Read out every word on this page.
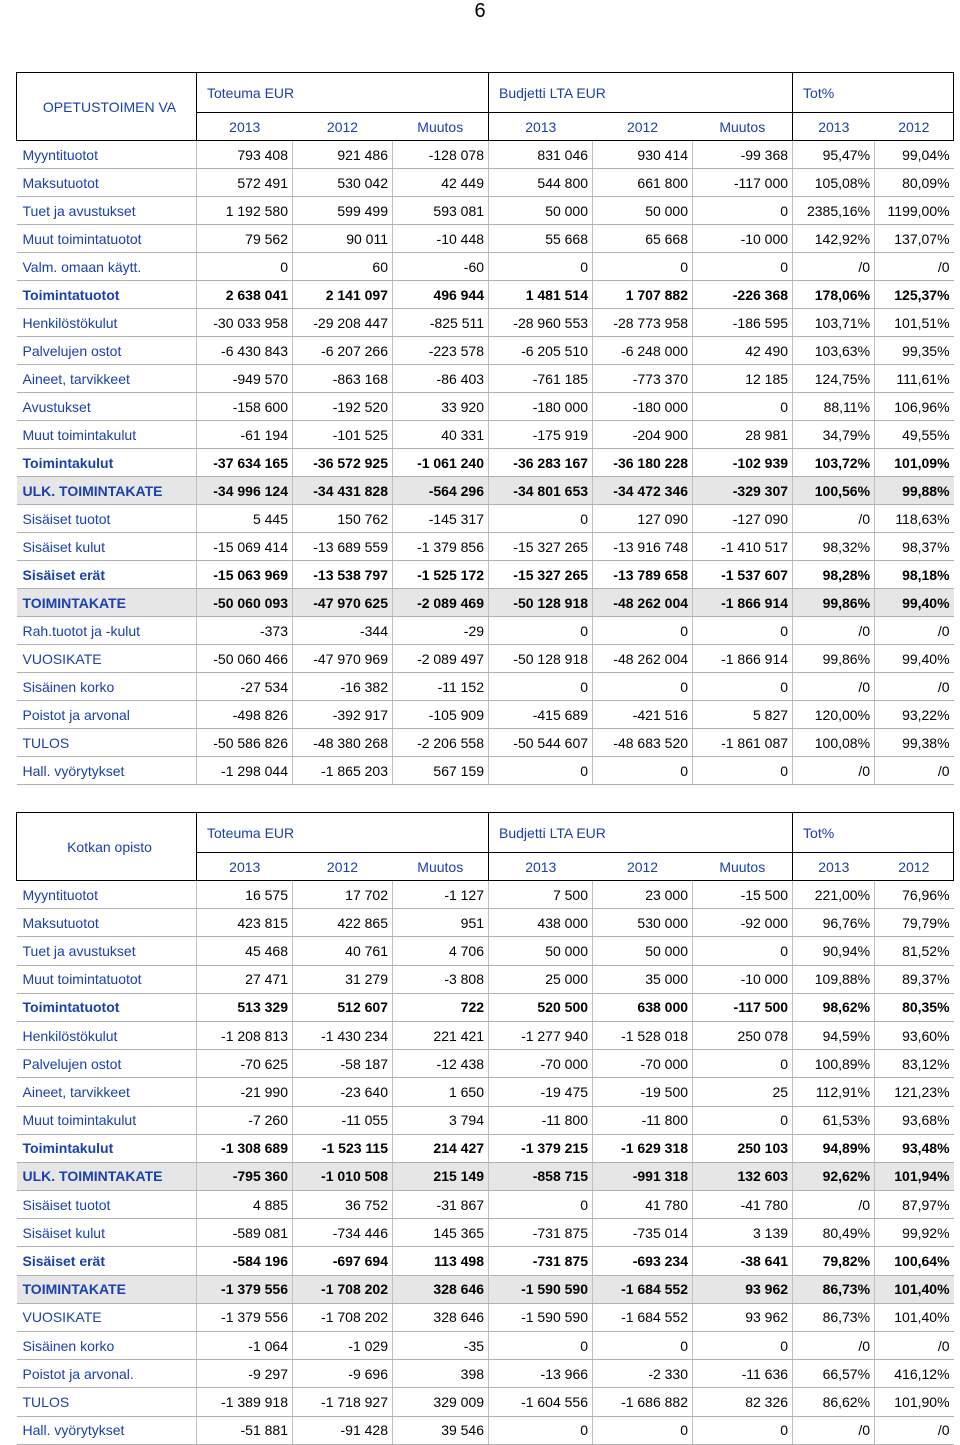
6
OPETUSTOIMEN VA	Toteuma EUR			Budjetti LTA EUR			Tot%	
	2013	2012	Muutos	2013	2012	Muutos	2013	2012
Myyntituotot	793 408	921 486	-128 078	831 046	930 414	-99 368	95,47%	99,04%
Maksutuotot	572 491	530 042	42 449	544 800	661 800	-117 000	105,08%	80,09%
Tuet ja avustukset	1 192 580	599 499	593 081	50 000	50 000	0	2385,16%	1199,00%
Muut toimintatuotot	79 562	90 011	-10 448	55 668	65 668	-10 000	142,92%	137,07%
Valm. omaan käytt.	0	60	-60	0	0	0	/0	/0
Toimintatuotot	2 638 041	2 141 097	496 944	1 481 514	1 707 882	-226 368	178,06%	125,37%
Henkilöstökulut	-30 033 958	-29 208 447	-825 511	-28 960 553	-28 773 958	-186 595	103,71%	101,51%
Palvelujen ostot	-6 430 843	-6 207 266	-223 578	-6 205 510	-6 248 000	42 490	103,63%	99,35%
Aineet, tarvikkeet	-949 570	-863 168	-86 403	-761 185	-773 370	12 185	124,75%	111,61%
Avustukset	-158 600	-192 520	33 920	-180 000	-180 000	0	88,11%	106,96%
Muut toimintakulut	-61 194	-101 525	40 331	-175 919	-204 900	28 981	34,79%	49,55%
Toimintakulut	-37 634 165	-36 572 925	-1 061 240	-36 283 167	-36 180 228	-102 939	103,72%	101,09%
ULK. TOIMINTAKATE	-34 996 124	-34 431 828	-564 296	-34 801 653	-34 472 346	-329 307	100,56%	99,88%
Sisäiset tuotot	5 445	150 762	-145 317	0	127 090	-127 090	/0	118,63%
Sisäiset kulut	-15 069 414	-13 689 559	-1 379 856	-15 327 265	-13 916 748	-1 410 517	98,32%	98,37%
Sisäiset erät	-15 063 969	-13 538 797	-1 525 172	-15 327 265	-13 789 658	-1 537 607	98,28%	98,18%
TOIMINTAKATE	-50 060 093	-47 970 625	-2 089 469	-50 128 918	-48 262 004	-1 866 914	99,86%	99,40%
Rah.tuotot ja -kulut	-373	-344	-29	0	0	0	/0	/0
VUOSIKATE	-50 060 466	-47 970 969	-2 089 497	-50 128 918	-48 262 004	-1 866 914	99,86%	99,40%
Sisäinen korko	-27 534	-16 382	-11 152	0	0	0	/0	/0
Poistot ja arvonal	-498 826	-392 917	-105 909	-415 689	-421 516	5 827	120,00%	93,22%
TULOS	-50 586 826	-48 380 268	-2 206 558	-50 544 607	-48 683 520	-1 861 087	100,08%	99,38%
Hall. vyörytykset	-1 298 044	-1 865 203	567 159	0	0	0	/0	/0
Kotkan opisto	Toteuma EUR			Budjetti LTA EUR			Tot%	
	2013	2012	Muutos	2013	2012	Muutos	2013	2012
Myyntituotot	16 575	17 702	-1 127	7 500	23 000	-15 500	221,00%	76,96%
Maksutuotot	423 815	422 865	951	438 000	530 000	-92 000	96,76%	79,79%
Tuet ja avustukset	45 468	40 761	4 706	50 000	50 000	0	90,94%	81,52%
Muut toimintatuotot	27 471	31 279	-3 808	25 000	35 000	-10 000	109,88%	89,37%
Toimintatuotot	513 329	512 607	722	520 500	638 000	-117 500	98,62%	80,35%
Henkilöstökulut	-1 208 813	-1 430 234	221 421	-1 277 940	-1 528 018	250 078	94,59%	93,60%
Palvelujen ostot	-70 625	-58 187	-12 438	-70 000	-70 000	0	100,89%	83,12%
Aineet, tarvikkeet	-21 990	-23 640	1 650	-19 475	-19 500	25	112,91%	121,23%
Muut toimintakulut	-7 260	-11 055	3 794	-11 800	-11 800	0	61,53%	93,68%
Toimintakulut	-1 308 689	-1 523 115	214 427	-1 379 215	-1 629 318	250 103	94,89%	93,48%
ULK. TOIMINTAKATE	-795 360	-1 010 508	215 149	-858 715	-991 318	132 603	92,62%	101,94%
Sisäiset tuotot	4 885	36 752	-31 867	0	41 780	-41 780	/0	87,97%
Sisäiset kulut	-589 081	-734 446	145 365	-731 875	-735 014	3 139	80,49%	99,92%
Sisäiset erät	-584 196	-697 694	113 498	-731 875	-693 234	-38 641	79,82%	100,64%
TOIMINTAKATE	-1 379 556	-1 708 202	328 646	-1 590 590	-1 684 552	93 962	86,73%	101,40%
VUOSIKATE	-1 379 556	-1 708 202	328 646	-1 590 590	-1 684 552	93 962	86,73%	101,40%
Sisäinen korko	-1 064	-1 029	-35	0	0	0	/0	/0
Poistot ja arvonal.	-9 297	-9 696	398	-13 966	-2 330	-11 636	66,57%	416,12%
TULOS	-1 389 918	-1 718 927	329 009	-1 604 556	-1 686 882	82 326	86,62%	101,90%
Hall. vyörytykset	-51 881	-91 428	39 546	0	0	0	/0	/0
